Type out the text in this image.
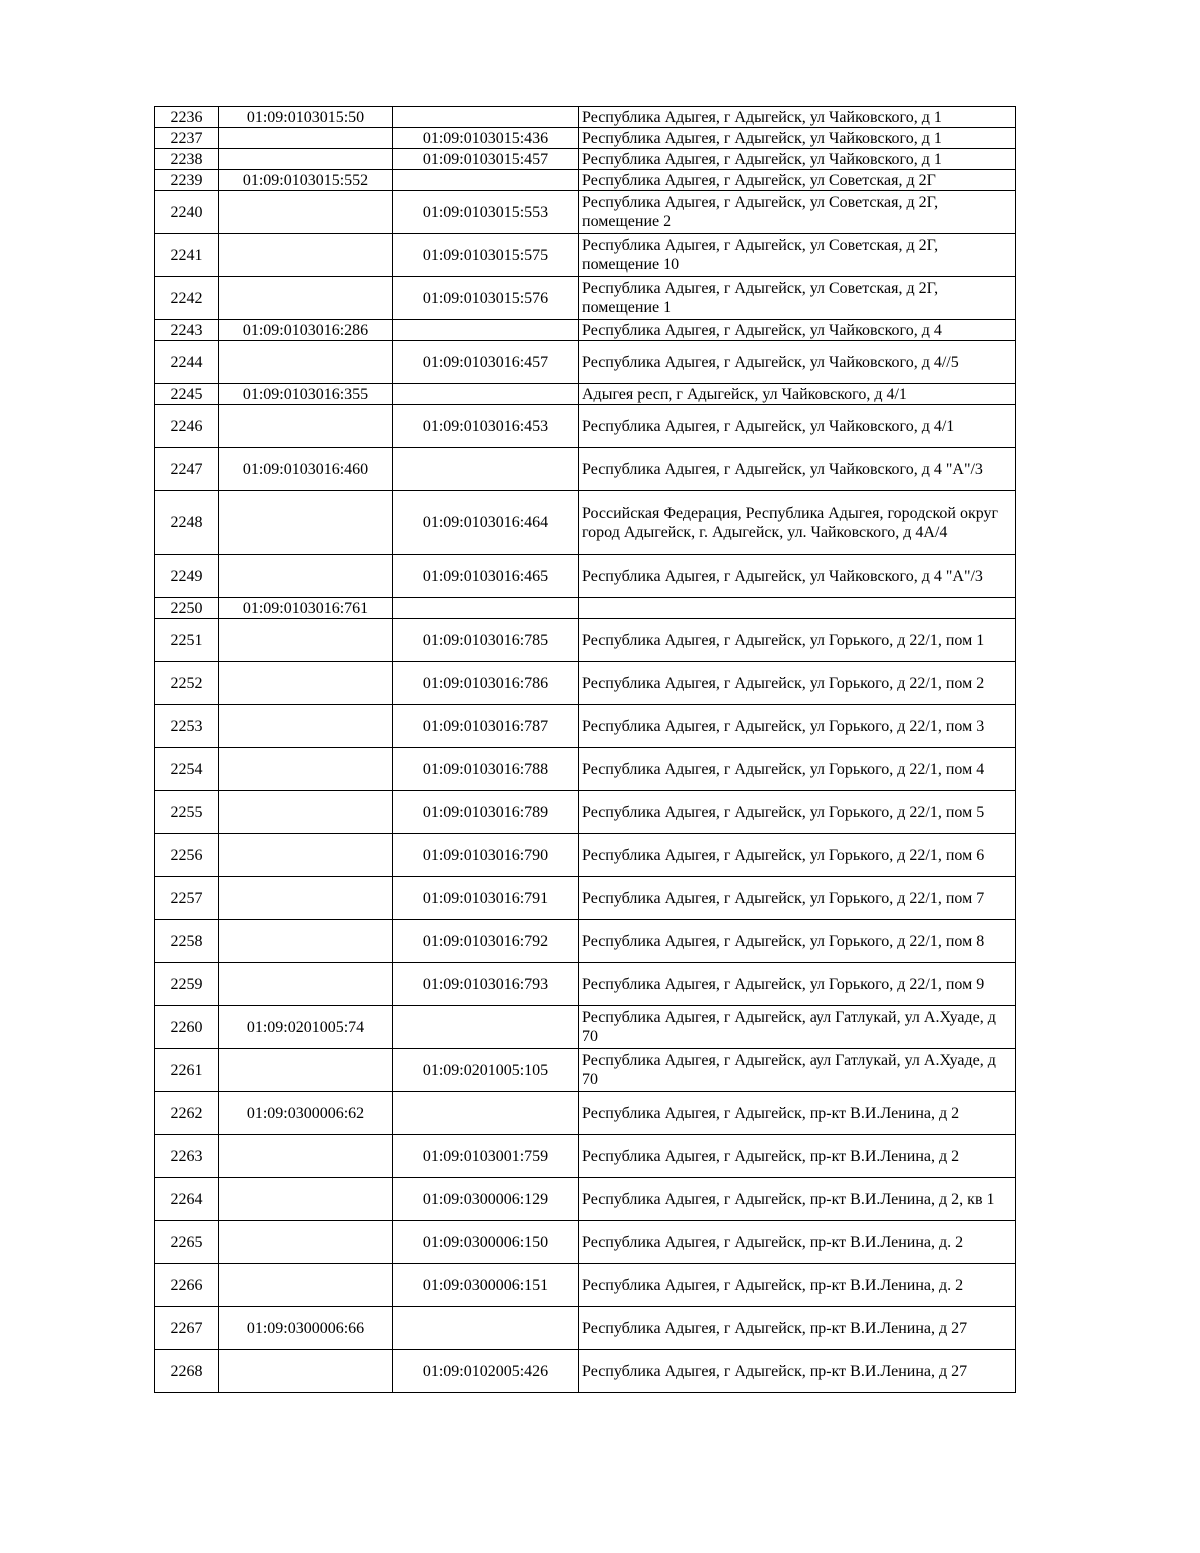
2236	01:09:0103015:50		Республика Адыгея, г Адыгейск, ул Чайковского, д 1
2237		01:09:0103015:436	Республика Адыгея, г Адыгейск, ул Чайковского, д 1
2238		01:09:0103015:457	Республика Адыгея, г Адыгейск, ул Чайковского, д 1
2239	01:09:0103015:552		Республика Адыгея, г Адыгейск, ул Советская, д 2Г
2240		01:09:0103015:553	Республика Адыгея, г Адыгейск, ул Советская, д 2Г, помещение 2
2241		01:09:0103015:575	Республика Адыгея, г Адыгейск, ул Советская, д 2Г, помещение 10
2242		01:09:0103015:576	Республика Адыгея, г Адыгейск, ул Советская, д 2Г, помещение 1
2243	01:09:0103016:286		Республика Адыгея, г Адыгейск, ул Чайковского, д 4
2244		01:09:0103016:457	Республика Адыгея, г Адыгейск, ул Чайковского, д 4//5
2245	01:09:0103016:355		Адыгея респ, г Адыгейск, ул Чайковского, д 4/1
2246		01:09:0103016:453	Республика Адыгея, г Адыгейск, ул Чайковского, д 4/1
2247	01:09:0103016:460		Республика Адыгея, г Адыгейск, ул Чайковского, д 4 "А"/3
2248		01:09:0103016:464	Российская Федерация, Республика Адыгея, городской округ город Адыгейск, г. Адыгейск, ул. Чайковского, д 4А/4
2249		01:09:0103016:465	Республика Адыгея, г Адыгейск, ул Чайковского, д 4 "А"/3
2250	01:09:0103016:761		
2251		01:09:0103016:785	Республика Адыгея, г Адыгейск, ул Горького, д 22/1, пом 1
2252		01:09:0103016:786	Республика Адыгея, г Адыгейск, ул Горького, д 22/1, пом 2
2253		01:09:0103016:787	Республика Адыгея, г Адыгейск, ул Горького, д 22/1, пом 3
2254		01:09:0103016:788	Республика Адыгея, г Адыгейск, ул Горького, д 22/1, пом 4
2255		01:09:0103016:789	Республика Адыгея, г Адыгейск, ул Горького, д 22/1, пом 5
2256		01:09:0103016:790	Республика Адыгея, г Адыгейск, ул Горького, д 22/1, пом 6
2257		01:09:0103016:791	Республика Адыгея, г Адыгейск, ул Горького, д 22/1, пом 7
2258		01:09:0103016:792	Республика Адыгея, г Адыгейск, ул Горького, д 22/1, пом 8
2259		01:09:0103016:793	Республика Адыгея, г Адыгейск, ул Горького, д 22/1, пом 9
2260	01:09:0201005:74		Республика Адыгея, г Адыгейск, аул Гатлукай, ул А.Хуаде, д 70
2261		01:09:0201005:105	Республика Адыгея, г Адыгейск, аул Гатлукай, ул А.Хуаде, д 70
2262	01:09:0300006:62		Республика Адыгея, г Адыгейск, пр-кт В.И.Ленина, д 2
2263		01:09:0103001:759	Республика Адыгея, г Адыгейск, пр-кт В.И.Ленина, д 2
2264		01:09:0300006:129	Республика Адыгея, г Адыгейск, пр-кт В.И.Ленина, д 2, кв 1
2265		01:09:0300006:150	Республика Адыгея, г Адыгейск, пр-кт В.И.Ленина, д. 2
2266		01:09:0300006:151	Республика Адыгея, г Адыгейск, пр-кт В.И.Ленина, д. 2
2267	01:09:0300006:66		Республика Адыгея, г Адыгейск, пр-кт В.И.Ленина, д 27
2268		01:09:0102005:426	Республика Адыгея, г Адыгейск, пр-кт В.И.Ленина, д 27
